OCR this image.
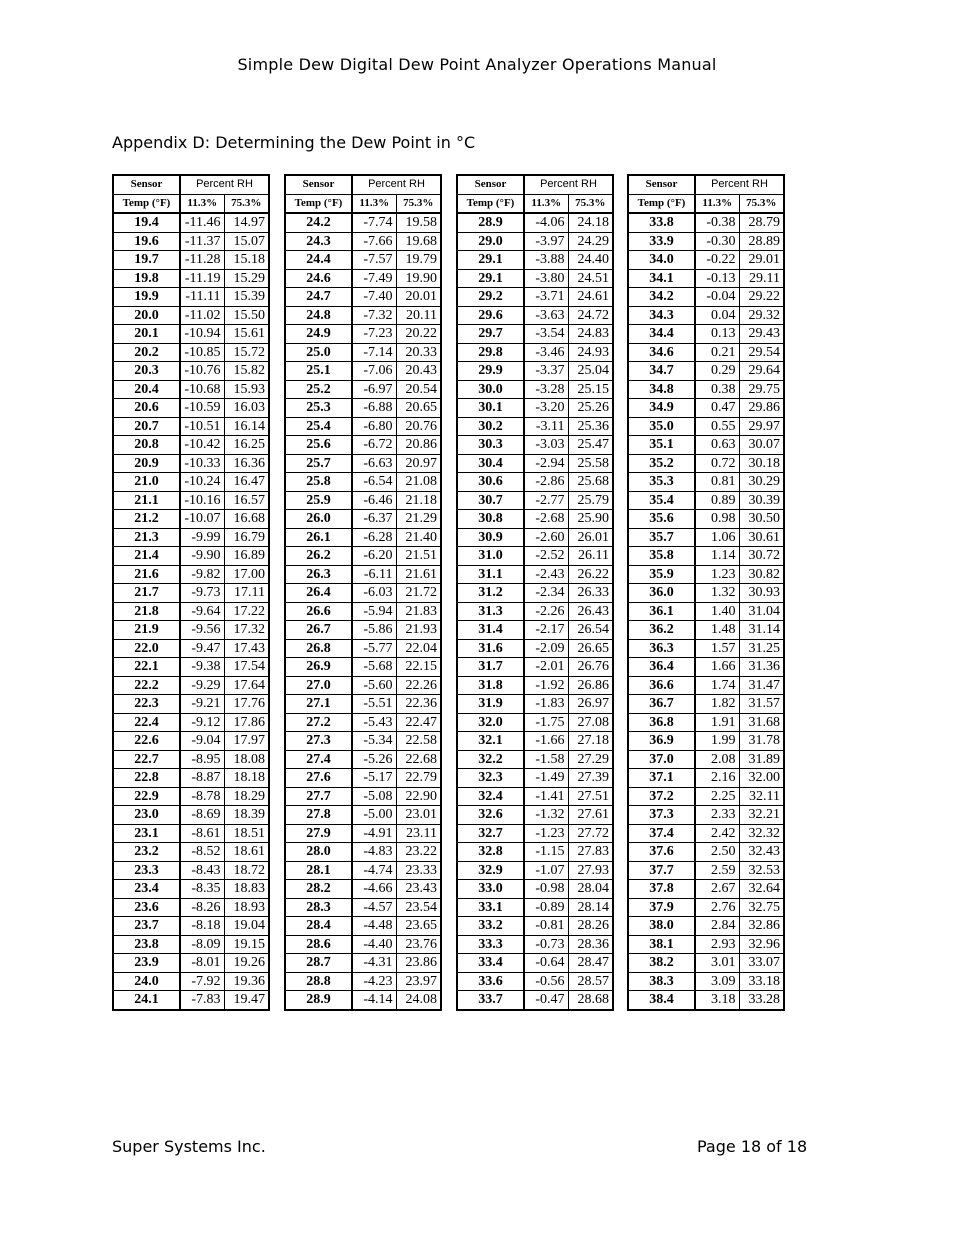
Simple Dew Digital Dew Point Analyzer Operations Manual
Appendix D: Determining the Dew Point in °C
Sensor	Percent RH	
Temp (°F)	11.3%	75.3%
19.4	-11.46	14.97
19.6	-11.37	15.07
19.7	-11.28	15.18
19.8	-11.19	15.29
19.9	-11.11	15.39
20.0	-11.02	15.50
20.1	-10.94	15.61
20.2	-10.85	15.72
20.3	-10.76	15.82
20.4	-10.68	15.93
20.6	-10.59	16.03
20.7	-10.51	16.14
20.8	-10.42	16.25
20.9	-10.33	16.36
21.0	-10.24	16.47
21.1	-10.16	16.57
21.2	-10.07	16.68
21.3	-9.99	16.79
21.4	-9.90	16.89
21.6	-9.82	17.00
21.7	-9.73	17.11
21.8	-9.64	17.22
21.9	-9.56	17.32
22.0	-9.47	17.43
22.1	-9.38	17.54
22.2	-9.29	17.64
22.3	-9.21	17.76
22.4	-9.12	17.86
22.6	-9.04	17.97
22.7	-8.95	18.08
22.8	-8.87	18.18
22.9	-8.78	18.29
23.0	-8.69	18.39
23.1	-8.61	18.51
23.2	-8.52	18.61
23.3	-8.43	18.72
23.4	-8.35	18.83
23.6	-8.26	18.93
23.7	-8.18	19.04
23.8	-8.09	19.15
23.9	-8.01	19.26
24.0	-7.92	19.36
24.1	-7.83	19.47
Sensor	Percent RH	
Temp (°F)	11.3%	75.3%
24.2	-7.74	19.58
24.3	-7.66	19.68
24.4	-7.57	19.79
24.6	-7.49	19.90
24.7	-7.40	20.01
24.8	-7.32	20.11
24.9	-7.23	20.22
25.0	-7.14	20.33
25.1	-7.06	20.43
25.2	-6.97	20.54
25.3	-6.88	20.65
25.4	-6.80	20.76
25.6	-6.72	20.86
25.7	-6.63	20.97
25.8	-6.54	21.08
25.9	-6.46	21.18
26.0	-6.37	21.29
26.1	-6.28	21.40
26.2	-6.20	21.51
26.3	-6.11	21.61
26.4	-6.03	21.72
26.6	-5.94	21.83
26.7	-5.86	21.93
26.8	-5.77	22.04
26.9	-5.68	22.15
27.0	-5.60	22.26
27.1	-5.51	22.36
27.2	-5.43	22.47
27.3	-5.34	22.58
27.4	-5.26	22.68
27.6	-5.17	22.79
27.7	-5.08	22.90
27.8	-5.00	23.01
27.9	-4.91	23.11
28.0	-4.83	23.22
28.1	-4.74	23.33
28.2	-4.66	23.43
28.3	-4.57	23.54
28.4	-4.48	23.65
28.6	-4.40	23.76
28.7	-4.31	23.86
28.8	-4.23	23.97
28.9	-4.14	24.08
Sensor	Percent RH	
Temp (°F)	11.3%	75.3%
28.9	-4.06	24.18
29.0	-3.97	24.29
29.1	-3.88	24.40
29.1	-3.80	24.51
29.2	-3.71	24.61
29.6	-3.63	24.72
29.7	-3.54	24.83
29.8	-3.46	24.93
29.9	-3.37	25.04
30.0	-3.28	25.15
30.1	-3.20	25.26
30.2	-3.11	25.36
30.3	-3.03	25.47
30.4	-2.94	25.58
30.6	-2.86	25.68
30.7	-2.77	25.79
30.8	-2.68	25.90
30.9	-2.60	26.01
31.0	-2.52	26.11
31.1	-2.43	26.22
31.2	-2.34	26.33
31.3	-2.26	26.43
31.4	-2.17	26.54
31.6	-2.09	26.65
31.7	-2.01	26.76
31.8	-1.92	26.86
31.9	-1.83	26.97
32.0	-1.75	27.08
32.1	-1.66	27.18
32.2	-1.58	27.29
32.3	-1.49	27.39
32.4	-1.41	27.51
32.6	-1.32	27.61
32.7	-1.23	27.72
32.8	-1.15	27.83
32.9	-1.07	27.93
33.0	-0.98	28.04
33.1	-0.89	28.14
33.2	-0.81	28.26
33.3	-0.73	28.36
33.4	-0.64	28.47
33.6	-0.56	28.57
33.7	-0.47	28.68
Sensor	Percent RH	
Temp (°F)	11.3%	75.3%
33.8	-0.38	28.79
33.9	-0.30	28.89
34.0	-0.22	29.01
34.1	-0.13	29.11
34.2	-0.04	29.22
34.3	0.04	29.32
34.4	0.13	29.43
34.6	0.21	29.54
34.7	0.29	29.64
34.8	0.38	29.75
34.9	0.47	29.86
35.0	0.55	29.97
35.1	0.63	30.07
35.2	0.72	30.18
35.3	0.81	30.29
35.4	0.89	30.39
35.6	0.98	30.50
35.7	1.06	30.61
35.8	1.14	30.72
35.9	1.23	30.82
36.0	1.32	30.93
36.1	1.40	31.04
36.2	1.48	31.14
36.3	1.57	31.25
36.4	1.66	31.36
36.6	1.74	31.47
36.7	1.82	31.57
36.8	1.91	31.68
36.9	1.99	31.78
37.0	2.08	31.89
37.1	2.16	32.00
37.2	2.25	32.11
37.3	2.33	32.21
37.4	2.42	32.32
37.6	2.50	32.43
37.7	2.59	32.53
37.8	2.67	32.64
37.9	2.76	32.75
38.0	2.84	32.86
38.1	2.93	32.96
38.2	3.01	33.07
38.3	3.09	33.18
38.4	3.18	33.28
Super Systems Inc.	Page 18 of 18
